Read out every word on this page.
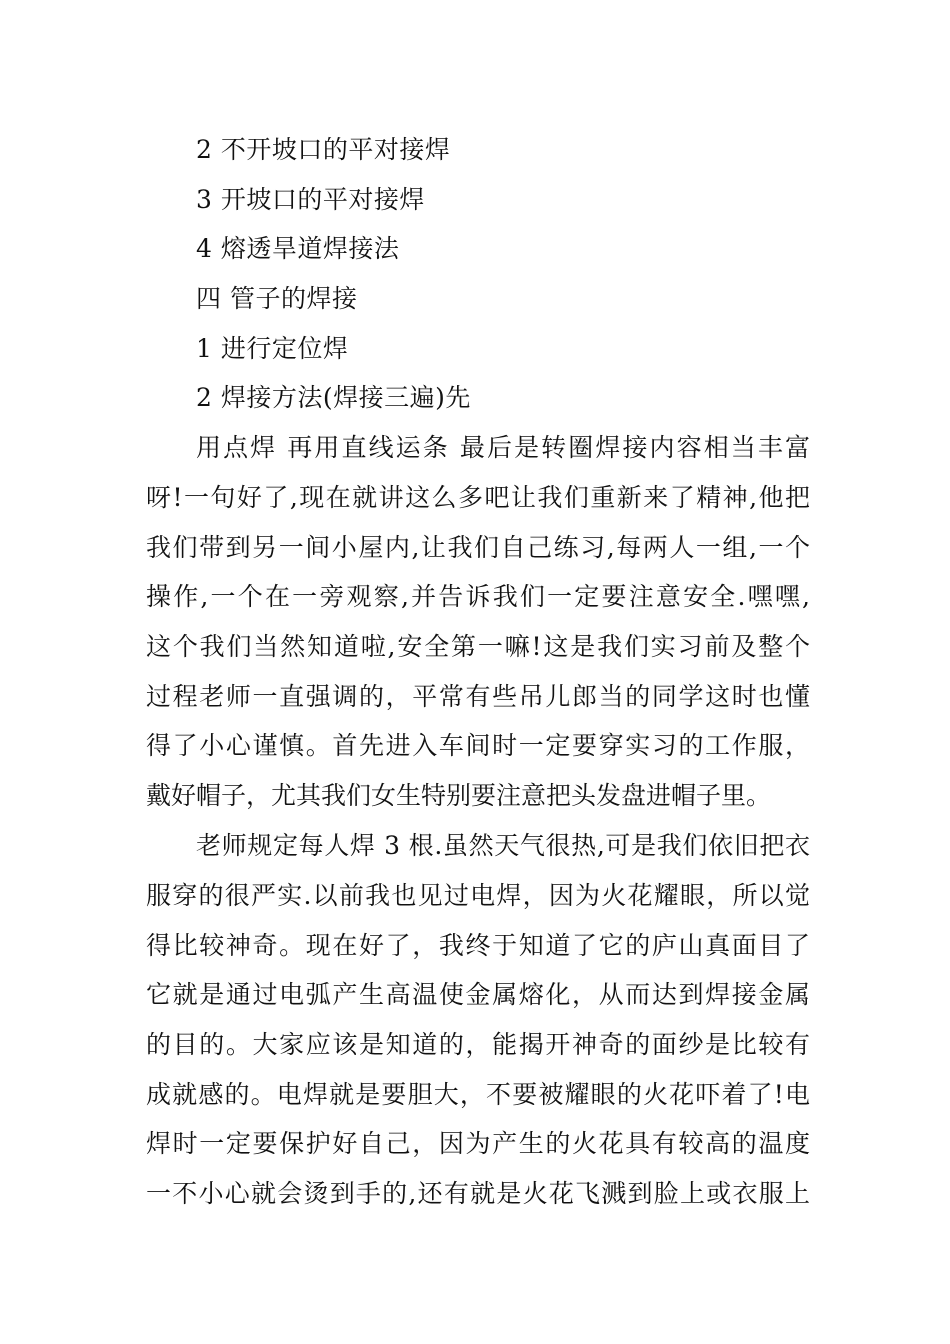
2 不开坡口的平对接焊
3 开坡口的平对接焊
4 熔透旱道焊接法
四 管子的焊接
1 进行定位焊
2 焊接方法(焊接三遍)先
用点焊 再用直线运条 最后是转圈焊接内容相当丰富
呀!一句好了,现在就讲这么多吧让我们重新来了精神,他把
我们带到另一间小屋内,让我们自己练习,每两人一组,一个
操作,一个在一旁观察,并告诉我们一定要注意安全.嘿嘿,
这个我们当然知道啦,安全第一嘛!这是我们实习前及整个
过程老师一直强调的，平常有些吊儿郎当的同学这时也懂
得了小心谨慎。首先进入车间时一定要穿实习的工作服，
戴好帽子，尤其我们女生特别要注意把头发盘进帽子里。
老师规定每人焊 3 根.虽然天气很热,可是我们依旧把衣
服穿的很严实.以前我也见过电焊，因为火花耀眼，所以觉
得比较神奇。现在好了，我终于知道了它的庐山真面目了
它就是通过电弧产生高温使金属熔化，从而达到焊接金属
的目的。大家应该是知道的，能揭开神奇的面纱是比较有
成就感的。电焊就是要胆大，不要被耀眼的火花吓着了!电
焊时一定要保护好自己，因为产生的火花具有较高的温度
一不小心就会烫到手的,还有就是火花飞溅到脸上或衣服上
